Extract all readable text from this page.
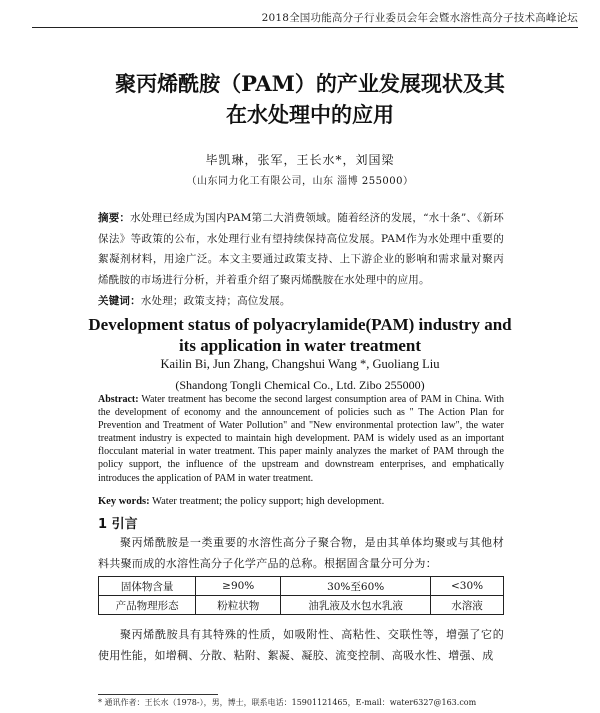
2018全国功能高分子行业委员会年会暨水溶性高分子技术高峰论坛
聚丙烯酰胺（PAM）的产业发展现状及其
在水处理中的应用
毕凯琳，张军，王长水*，刘国梁
（山东同力化工有限公司，山东 淄博 255000）
摘要：水处理已经成为国内PAM第二大消费领域。随着经济的发展，“水十条”、《新环保法》等政策的公布，水处理行业有望持续保持高位发展。PAM作为水处理中重要的絮凝剂材料，用途广泛。本文主要通过政策支持、上下游企业的影响和需求量对聚丙烯酰胺的市场进行分析，并着重介绍了聚丙烯酰胺在水处理中的应用。
关键词：水处理；政策支持；高位发展。
Development status of polyacrylamide(PAM) industry and
its application in water treatment
Kailin Bi, Jun Zhang, Changshui Wang *, Guoliang Liu
(Shandong Tongli Chemical Co., Ltd. Zibo 255000)
Abstract: Water treatment has become the second largest consumption area of PAM in China. With the development of economy and the announcement of policies such as " The Action Plan for Prevention and Treatment of Water Pollution" and "New environmental protection law", the water treatment industry is expected to maintain high development. PAM is widely used as an important flocculant material in water treatment. This paper mainly analyzes the market of PAM through the policy support, the influence of the upstream and downstream enterprises, and emphatically introduces the application of PAM in water treatment.
Key words: Water treatment; the policy support; high development.
1 引言
聚丙烯酰胺是一类重要的水溶性高分子聚合物，是由其单体均聚或与其他材料共聚而成的水溶性高分子化学产品的总称。根据固含量分可分为：
固体物含量	≥90%	30%至60%	<30%
产品物理形态	粉粒状物	油乳液及水包水乳液	水溶液
聚丙烯酰胺具有其特殊的性质，如吸附性、高粘性、交联性等，增强了它的使用性能，如增稠、分散、粘附、絮凝、凝胶、流变控制、高吸水性、增强、成
* 通讯作者：王长水（1978-），男，博士，联系电话：15901121465，E-mail：water6327@163.com
